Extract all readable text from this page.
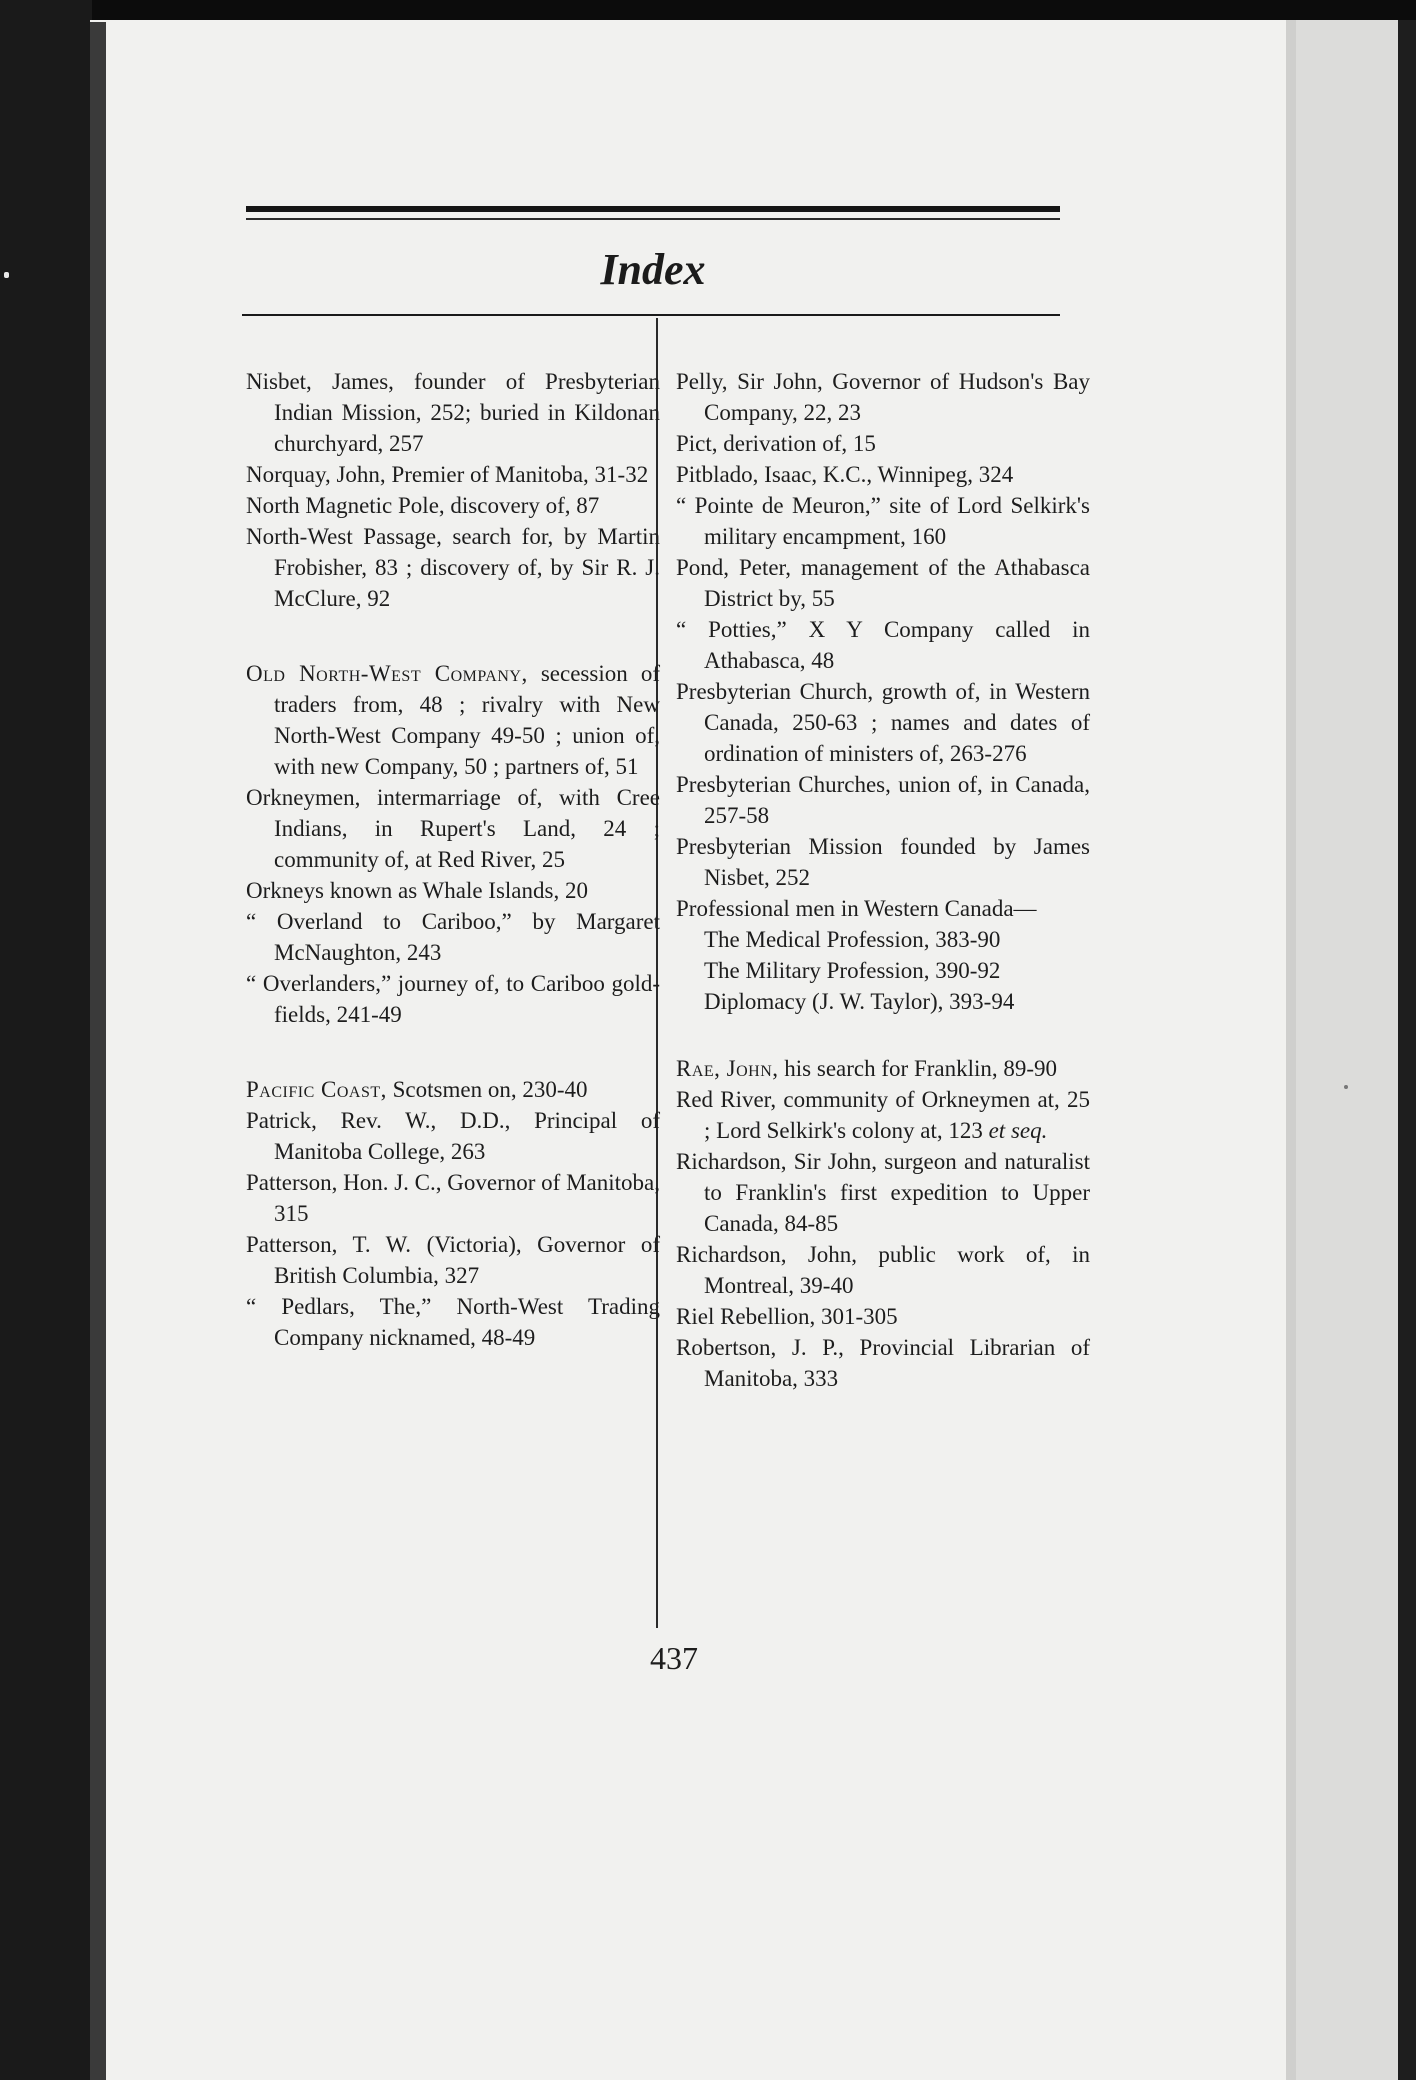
Index

Nisbet, James, founder of Presbyterian Indian Mission, 252; buried in Kildonan churchyard, 257

Norquay, John, Premier of Manitoba, 31-32

North Magnetic Pole, discovery of, 87

North-West Passage, search for, by Martin Frobisher, 83 ; discovery of, by Sir R. J. McClure, 92

Old North-West Company, secession of traders from, 48 ; rivalry with New North-West Company 49-50 ; union of, with new Company, 50 ; partners of, 51

Orkneymen, intermarriage of, with Cree Indians, in Rupert's Land, 24 ; community of, at Red River, 25

Orkneys known as Whale Islands, 20

“ Overland to Cariboo,” by Margaret McNaughton, 243

“ Overlanders,” journey of, to Cariboo gold-fields, 241-49

Pacific Coast, Scotsmen on, 230-40

Patrick, Rev. W., D.D., Principal of Manitoba College, 263

Patterson, Hon. J. C., Governor of Manitoba, 315

Patterson, T. W. (Victoria), Governor of British Columbia, 327

“ Pedlars, The,” North-West Trading Company nicknamed, 48-49

Pelly, Sir John, Governor of Hudson's Bay Company, 22, 23

Pict, derivation of, 15

Pitblado, Isaac, K.C., Winnipeg, 324

“ Pointe de Meuron,” site of Lord Selkirk's military encampment, 160

Pond, Peter, management of the Athabasca District by, 55

“ Potties,” X Y Company called in Athabasca, 48

Presbyterian Church, growth of, in Western Canada, 250-63 ; names and dates of ordination of ministers of, 263-276

Presbyterian Churches, union of, in Canada, 257-58

Presbyterian Mission founded by James Nisbet, 252

Professional men in Western Canada—

The Medical Profession, 383-90

The Military Profession, 390-92

Diplomacy (J. W. Taylor), 393-94

Rae, John, his search for Franklin, 89-90

Red River, community of Orkneymen at, 25 ; Lord Selkirk's colony at, 123 et seq.

Richardson, Sir John, surgeon and naturalist to Franklin's first expedition to Upper Canada, 84-85

Richardson, John, public work of, in Montreal, 39-40

Riel Rebellion, 301-305

Robertson, J. P., Provincial Librarian of Manitoba, 333

437
